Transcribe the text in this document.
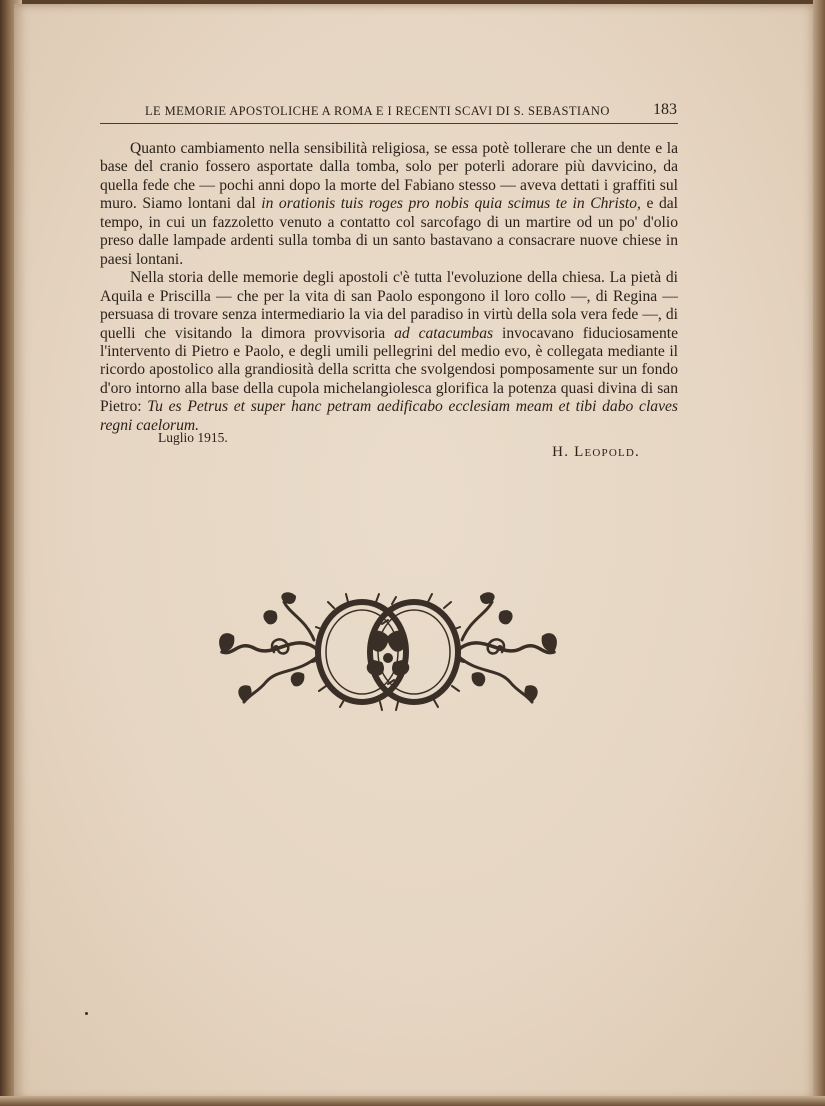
LE MEMORIE APOSTOLICHE A ROMA E I RECENTI SCAVI DI S. SEBASTIANO	183

Quanto cambiamento nella sensibilità religiosa, se essa potè tollerare che un dente e la base del cranio fossero asportate dalla tomba, solo per poterli adorare più davvicino, da quella fede che — pochi anni dopo la morte del Fabiano stesso — aveva dettati i graffiti sul muro. Siamo lontani dal in orationis tuis roges pro nobis quia scimus te in Christo, e dal tempo, in cui un fazzoletto venuto a contatto col sarcofago di un martire od un po' d'olio preso dalle lampade ardenti sulla tomba di un santo bastavano a consacrare nuove chiese in paesi lontani.

Nella storia delle memorie degli apostoli c'è tutta l'evoluzione della chiesa. La pietà di Aquila e Priscilla — che per la vita di san Paolo espongono il loro collo —, di Regina — persuasa di trovare senza intermediario la via del paradiso in virtù della sola vera fede —, di quelli che visitando la dimora provvisoria ad catacumbas invocavano fiduciosamente l'intervento di Pietro e Paolo, e degli umili pellegrini del medio evo, è collegata mediante il ricordo apostolico alla grandiosità della scritta che svolgendosi pomposamente sur un fondo d'oro intorno alla base della cupola michelangiolesca glorifica la potenza quasi divina di san Pietro: Tu es Petrus et super hanc petram aedificabo ecclesiam meam et tibi dabo claves regni caelorum.

Luglio 1915.
H. Leopold.
